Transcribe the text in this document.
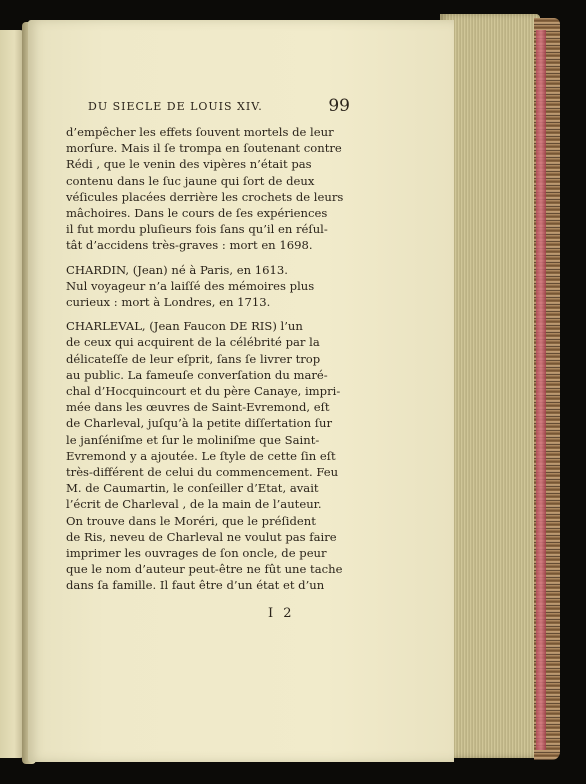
DU SIECLE DE LOUIS XIV.	99
d’empêcher les effets ſouvent mortels de leur
morſure. Mais il ſe trompa en ſoutenant contre
Rédi , que le venin des vipères n’était pas
contenu dans le ſuc jaune qui ſort de deux
véſicules placées derrière les crochets de leurs
mâchoires. Dans le cours de ſes expériences
il fut mordu pluſieurs fois ſans qu’il en réſul-
tât d’accidens très-graves : mort en 1698.
CHARDIN, (Jean) né à Paris, en 1613.
Nul voyageur n’a laiſſé des mémoires plus
curieux : mort à Londres, en 1713.
CHARLEVAL, (Jean Faucon DE RIS) l’un
de ceux qui acquirent de la célébrité par la
délicateſſe de leur eſprit, ſans ſe livrer trop
au public. La fameuſe converſation du maré-
chal d’Hocquincourt et du père Canaye, impri-
mée dans les œuvres de Saint-Evremond, eſt
de Charleval, juſqu’à la petite diſſertation ſur
le janſéniſme et ſur le moliniſme que Saint-
Evremond y a ajoutée. Le ſtyle de cette ſin eſt
très-différent de celui du commencement. Feu
M. de Caumartin, le conſeiller d’Etat, avait
l’écrit de Charleval , de la main de l’auteur.
On trouve dans le Moréri, que le préſident
de Ris, neveu de Charleval ne voulut pas faire
imprimer les ouvrages de ſon oncle, de peur
que le nom d’auteur peut-être ne fût une tache
dans ſa famille. Il faut être d’un état et d’un
I 2
